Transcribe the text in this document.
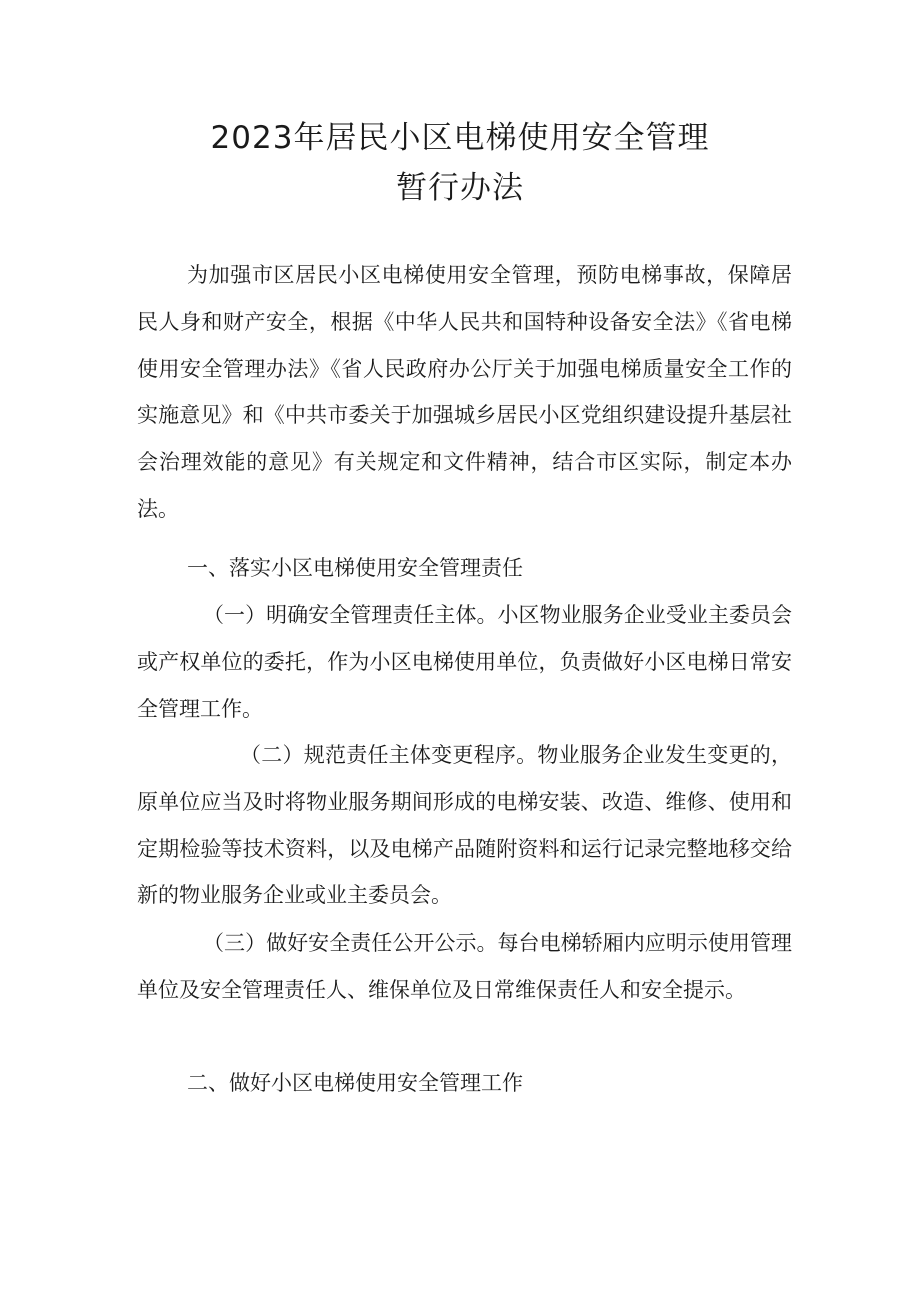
2023年居民小区电梯使用安全管理
暂行办法

为加强市区居民小区电梯使用安全管理，预防电梯事故，保障居民人身和财产安全，根据《中华人民共和国特种设备安全法》《省电梯使用安全管理办法》《省人民政府办公厅关于加强电梯质量安全工作的实施意见》和《中共市委关于加强城乡居民小区党组织建设提升基层社会治理效能的意见》有关规定和文件精神，结合市区实际，制定本办法。

一、落实小区电梯使用安全管理责任

（一）明确安全管理责任主体。小区物业服务企业受业主委员会或产权单位的委托，作为小区电梯使用单位，负责做好小区电梯日常安全管理工作。

（二）规范责任主体变更程序。物业服务企业发生变更的，原单位应当及时将物业服务期间形成的电梯安装、改造、维修、使用和定期检验等技术资料，以及电梯产品随附资料和运行记录完整地移交给新的物业服务企业或业主委员会。

（三）做好安全责任公开公示。每台电梯轿厢内应明示使用管理单位及安全管理责任人、维保单位及日常维保责任人和安全提示。

二、做好小区电梯使用安全管理工作
